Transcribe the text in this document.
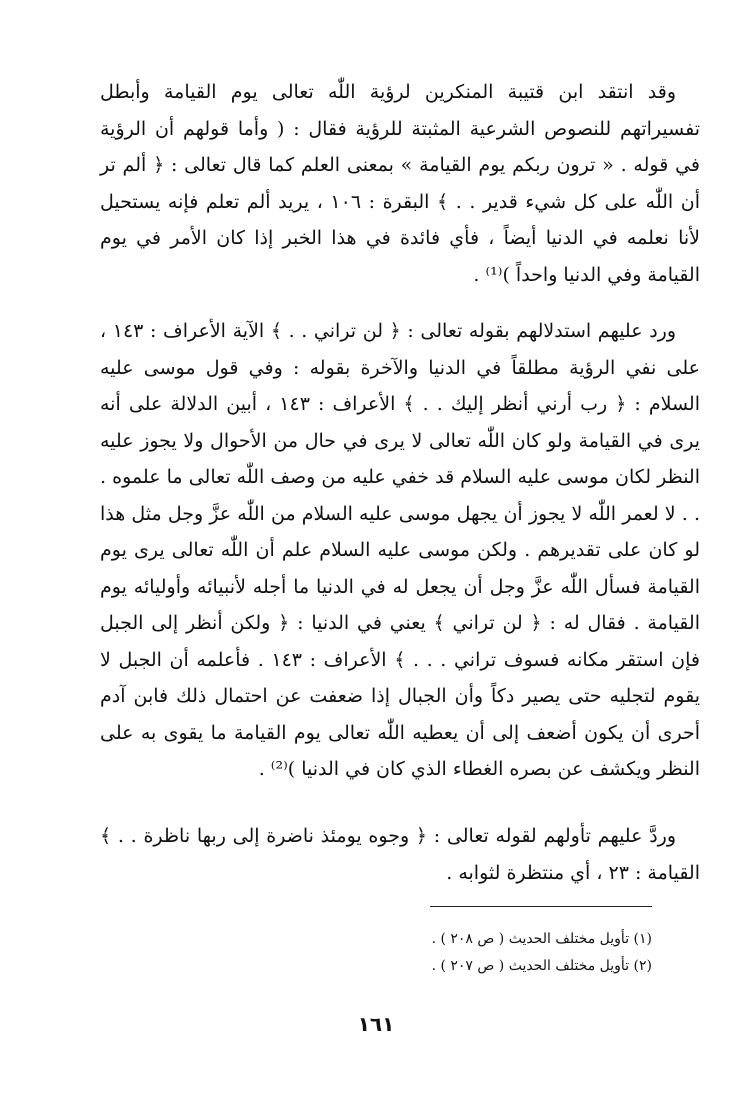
وقد انتقد ابن قتيبة المنكرين لرؤية اللّٰه تعالى يوم القيامة وأبطل تفسيراتهم للنصوص الشرعية المثبتة للرؤية فقال : ( وأما قولهم أن الرؤية في قوله . « ترون ربكم يوم القيامة » بمعنى العلم كما قال تعالى : ﴿ ألم تر أن اللّٰه على كل شيء قدير . . ﴾ البقرة : ١٠٦ ، يريد ألم تعلم فإنه يستحيل لأنا نعلمه في الدنيا أيضاً ، فأي فائدة في هذا الخبر إذا كان الأمر في يوم القيامة وفي الدنيا واحداً )⁽¹⁾ .

ورد عليهم استدلالهم بقوله تعالى : ﴿ لن تراني . . ﴾ الآية الأعراف : ١٤٣ ، على نفي الرؤية مطلقاً في الدنيا والآخرة بقوله : وفي قول موسى عليه السلام : ﴿ رب أرني أنظر إليك . . ﴾ الأعراف : ١٤٣ ، أبين الدلالة على أنه يرى في القيامة ولو كان اللّٰه تعالى لا يرى في حال من الأحوال ولا يجوز عليه النظر لكان موسى عليه السلام قد خفي عليه من وصف اللّٰه تعالى ما علموه . . . لا لعمر اللّٰه لا يجوز أن يجهل موسى عليه السلام من اللّٰه عزَّ وجل مثل هذا لو كان على تقديرهم . ولكن موسى عليه السلام علم أن اللّٰه تعالى يرى يوم القيامة فسأل اللّٰه عزَّ وجل أن يجعل له في الدنيا ما أجله لأنبيائه وأوليائه يوم القيامة . فقال له : ﴿ لن تراني ﴾ يعني في الدنيا : ﴿ ولكن أنظر إلى الجبل فإن استقر مكانه فسوف تراني . . . ﴾ الأعراف : ١٤٣ . فأعلمه أن الجبل لا يقوم لتجليه حتى يصير دكاً وأن الجبال إذا ضعفت عن احتمال ذلك فابن آدم أحرى أن يكون أضعف إلى أن يعطيه اللّٰه تعالى يوم القيامة ما يقوى به على النظر ويكشف عن بصره الغطاء الذي كان في الدنيا )⁽²⁾ .

وردَّ عليهم تأولهم لقوله تعالى : ﴿ وجوه يومئذ ناضرة إلى ربها ناظرة . . ﴾ القيامة : ٢٣ ، أي منتظرة لثوابه .

(١) تأويل مختلف الحديث ( ص ٢٠٨ ) .
(٢) تأويل مختلف الحديث ( ص ٢٠٧ ) .
١٦١
